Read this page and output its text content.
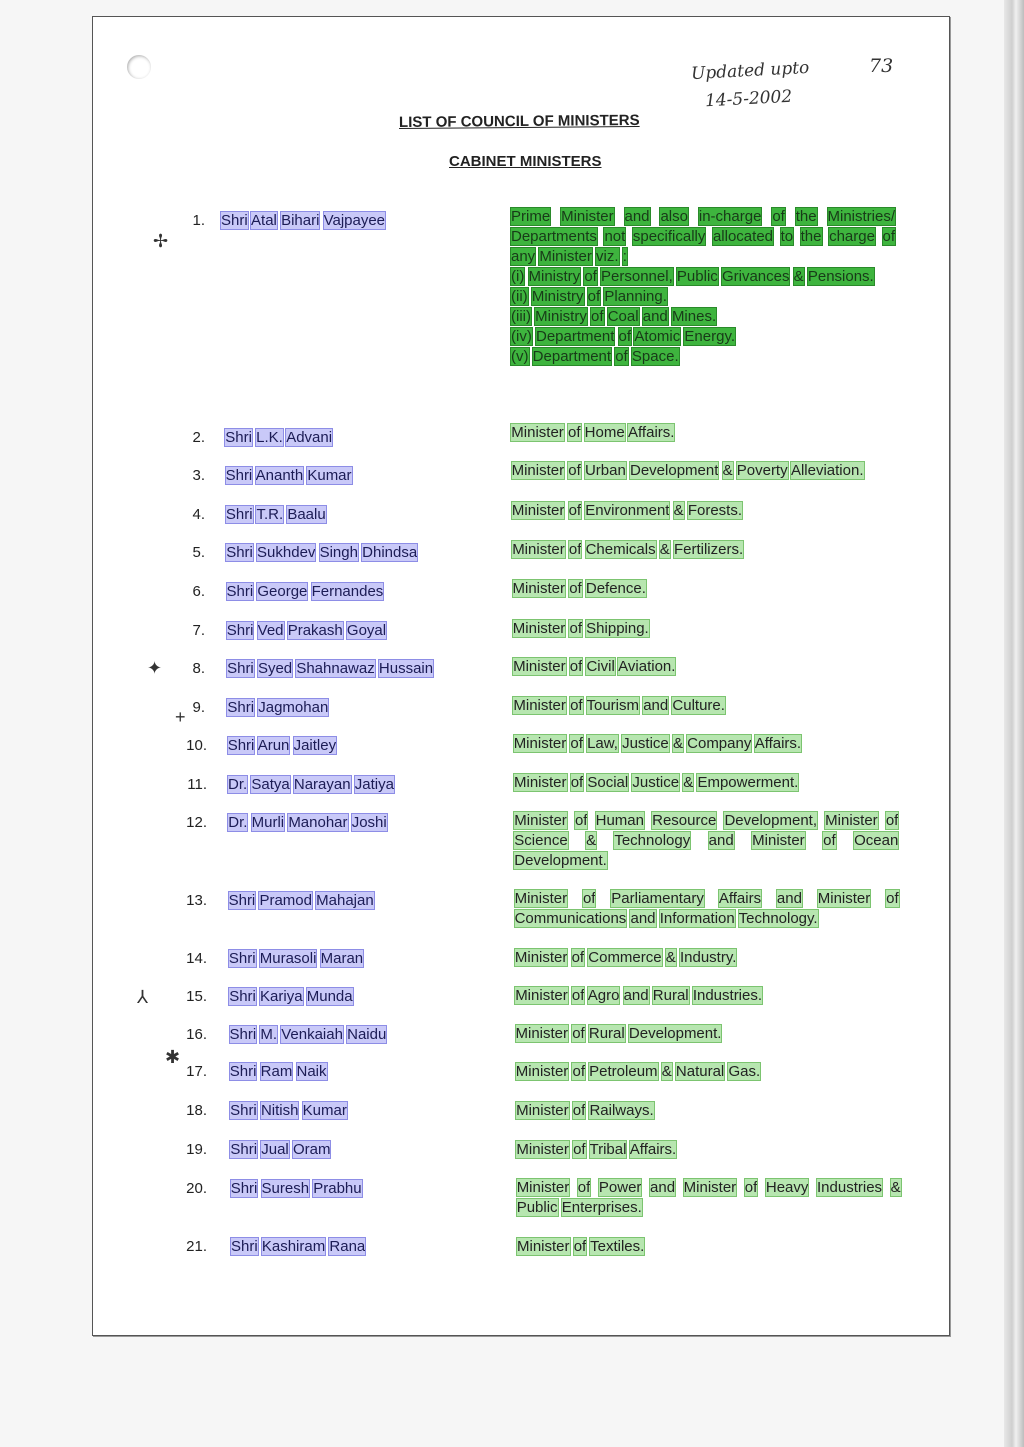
Updated upto
14-5-2002
73
LIST OF COUNCIL OF MINISTERS
CABINET MINISTERS
✢
✦
+
⅄
✱
1. Shri Atal Bihari Vajpayee	Prime Minister and also in-charge of the Ministries/ Departments not specifically allocated to the charge of any Minister viz. :
(i) Ministry of Personnel, Public Grivances & Pensions.
(ii) Ministry of Planning.
(iii) Ministry of Coal and Mines.
(iv) Department of Atomic Energy.
(v) Department of Space.
2. Shri L.K. Advani	Minister of Home Affairs.
3. Shri Ananth Kumar	Minister of Urban Development & Poverty Alleviation.
4. Shri T.R. Baalu	Minister of Environment & Forests.
5. Shri Sukhdev Singh Dhindsa	Minister of Chemicals & Fertilizers.
6. Shri George Fernandes	Minister of Defence.
7. Shri Ved Prakash Goyal	Minister of Shipping.
8. Shri Syed Shahnawaz Hussain	Minister of Civil Aviation.
9. Shri Jagmohan	Minister of Tourism and Culture.
10. Shri Arun Jaitley	Minister of Law, Justice & Company Affairs.
11. Dr. Satya Narayan Jatiya	Minister of Social Justice & Empowerment.
12. Dr. Murli Manohar Joshi	Minister of Human Resource Development, Minister of Science & Technology and Minister of Ocean Development.
13. Shri Pramod Mahajan	Minister of Parliamentary Affairs and Minister of Communications and Information Technology.
14. Shri Murasoli Maran	Minister of Commerce & Industry.
15. Shri Kariya Munda	Minister of Agro and Rural Industries.
16. Shri M. Venkaiah Naidu	Minister of Rural Development.
17. Shri Ram Naik	Minister of Petroleum & Natural Gas.
18. Shri Nitish Kumar	Minister of Railways.
19. Shri Jual Oram	Minister of Tribal Affairs.
20. Shri Suresh Prabhu	Minister of Power and Minister of Heavy Industries & Public Enterprises.
21. Shri Kashiram Rana	Minister of Textiles.
